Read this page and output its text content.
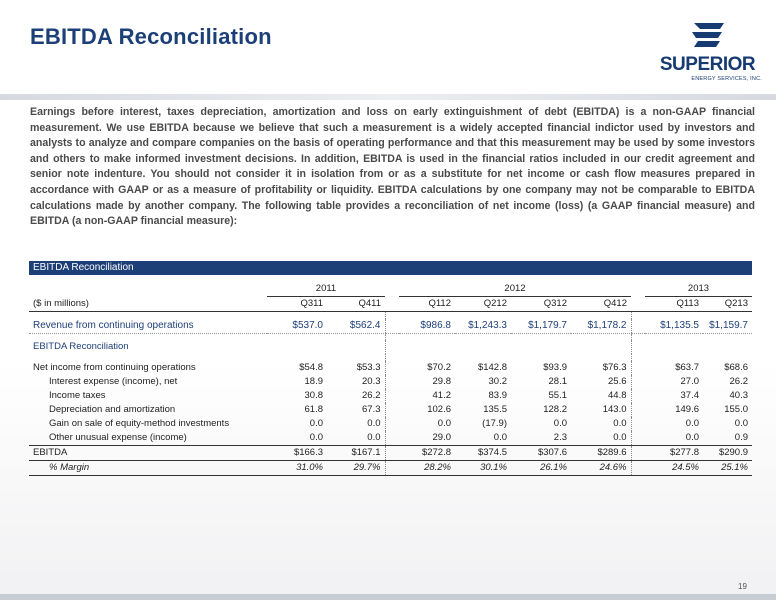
EBITDA Reconciliation
SUPERIOR
ENERGY SERVICES, INC.

Earnings before interest, taxes depreciation, amortization and loss on early extinguishment of debt (EBITDA) is a non-GAAP financial measurement. We use EBITDA because we believe that such a measurement is a widely accepted financial indictor used by investors and analysts to analyze and compare companies on the basis of operating performance and that this measurement may be used by some investors and others to make informed investment decisions. In addition, EBITDA is used in the financial ratios included in our credit agreement and senior note indenture. You should not consider it in isolation from or as a substitute for net income or cash flow measures prepared in accordance with GAAP or as a measure of profitability or liquidity. EBITDA calculations by one company may not be comparable to EBITDA calculations made by another company. The following table provides a reconciliation of net income (loss) (a GAAP financial measure) and EBITDA (a non-GAAP financial measure):

EBITDA Reconciliation

	2011			2012					2013	
($ in millions)	Q311	Q411		Q112	Q212	Q312	Q412		Q113	Q213

Revenue from continuing operations	$537.0	$562.4		$986.8	$1,243.3	$1,179.7	$1,178.2		$1,135.5	$1,159.7

EBITDA Reconciliation										

Net income from continuing operations	$54.8	$53.3		$70.2	$142.8	$93.9	$76.3		$63.7	$68.6
Interest expense (income), net	18.9	20.3		29.8	30.2	28.1	25.6		27.0	26.2
Income taxes	30.8	26.2		41.2	83.9	55.1	44.8		37.4	40.3
Depreciation and amortization	61.8	67.3		102.6	135.5	128.2	143.0		149.6	155.0
Gain on sale of equity-method investments	0.0	0.0		0.0	(17.9)	0.0	0.0		0.0	0.0
Other unusual expense (income)	0.0	0.0		29.0	0.0	2.3	0.0		0.0	0.9
EBITDA	$166.3	$167.1		$272.8	$374.5	$307.6	$289.6		$277.8	$290.9
% Margin	31.0%	29.7%		28.2%	30.1%	26.1%	24.6%		24.5%	25.1%
19
